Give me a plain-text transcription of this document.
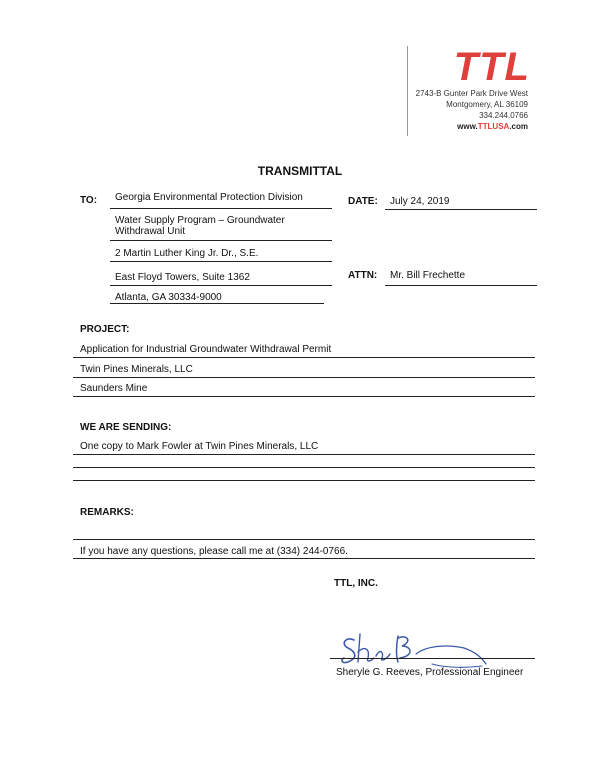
TTL
2743-B Gunter Park Drive West
Montgomery, AL 36109
334.244.0766
www.TTLUSA.com
TRANSMITTAL
TO: Georgia Environmental Protection Division
Water Supply Program – Groundwater
Withdrawal Unit
2 Martin Luther King Jr. Dr., S.E.
East Floyd Towers, Suite 1362
Atlanta, GA 30334-9000
DATE: July 24, 2019
ATTN: Mr. Bill Frechette
PROJECT:
Application for Industrial Groundwater Withdrawal Permit
Twin Pines Minerals, LLC
Saunders Mine
WE ARE SENDING:
One copy to Mark Fowler at Twin Pines Minerals, LLC
REMARKS:
If you have any questions, please call me at (334) 244-0766.
TTL, INC.
Sheryle G. Reeves, Professional Engineer
